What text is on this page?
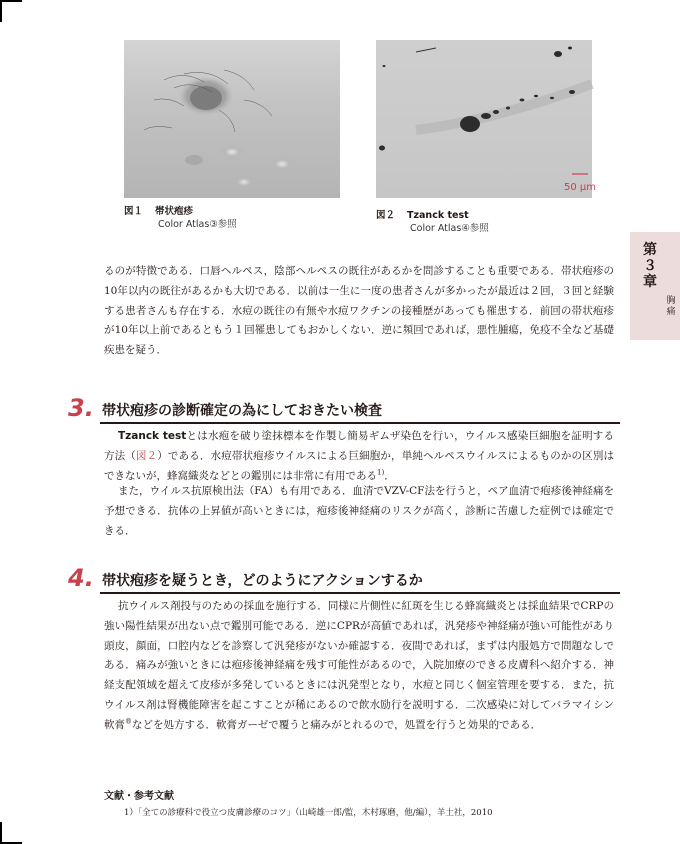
図１ 帯状疱疹
Color Atlas③参照
50 μm
図２ Tzanck test
Color Atlas④参照
第３章
胸痛

るのが特徴である．口唇ヘルペス，陰部ヘルペスの既往があるかを問診することも重要である．帯状疱疹の10年以内の既往があるかも大切である．以前は一生に一度の患者さんが多かったが最近は２回，３回と経験する患者さんも存在する．水痘の既往の有無や水痘ワクチンの接種歴があっても罹患する．前回の帯状疱疹が10年以上前であるともう１回罹患してもおかしくない．逆に頻回であれば，悪性腫瘍，免疫不全など基礎疾患を疑う．

3. 帯状疱疹の診断確定の為にしておきたい検査

Tzanck testとは水疱を破り塗抹標本を作製し簡易ギムザ染色を行い，ウイルス感染巨細胞を証明する方法（図２）である．水痘帯状疱疹ウイルスによる巨細胞か，単純ヘルペスウイルスによるものかの区別はできないが，蜂窩織炎などとの鑑別には非常に有用である$^{1)}$．

また，ウイルス抗原検出法（FA）も有用である．血清でVZV-CF法を行うと，ペア血清で疱疹後神経痛を予想できる．抗体の上昇値が高いときには，疱疹後神経痛のリスクが高く，診断に苦慮した症例では確定できる．

4. 帯状疱疹を疑うとき，どのようにアクションするか

抗ウイルス剤投与のための採血を施行する．同様に片側性に紅斑を生じる蜂窩織炎とは採血結果でCRPの強い陽性結果が出ない点で鑑別可能である．逆にCPRが高値であれば，汎発疹や神経痛が強い可能性があり頭皮，顔面，口腔内などを診察して汎発疹がないか確認する．夜間であれば，まずは内服処方で問題なしである．痛みが強いときには疱疹後神経痛を残す可能性があるので，入院加療のできる皮膚科へ紹介する．神経支配領域を超えて皮疹が多発しているときには汎発型となり，水痘と同じく個室管理を要する．また，抗ウイルス剤は腎機能障害を起こすことが稀にあるので飲水励行を説明する．二次感染に対してバラマイシン軟膏®などを処方する．軟膏ガーゼで覆うと痛みがとれるので，処置を行うと効果的である．

文献・参考文献
1）「全ての診療科で役立つ皮膚診療のコツ」（山崎雄一郎/監，木村琢磨，他/編），羊土社，2010
